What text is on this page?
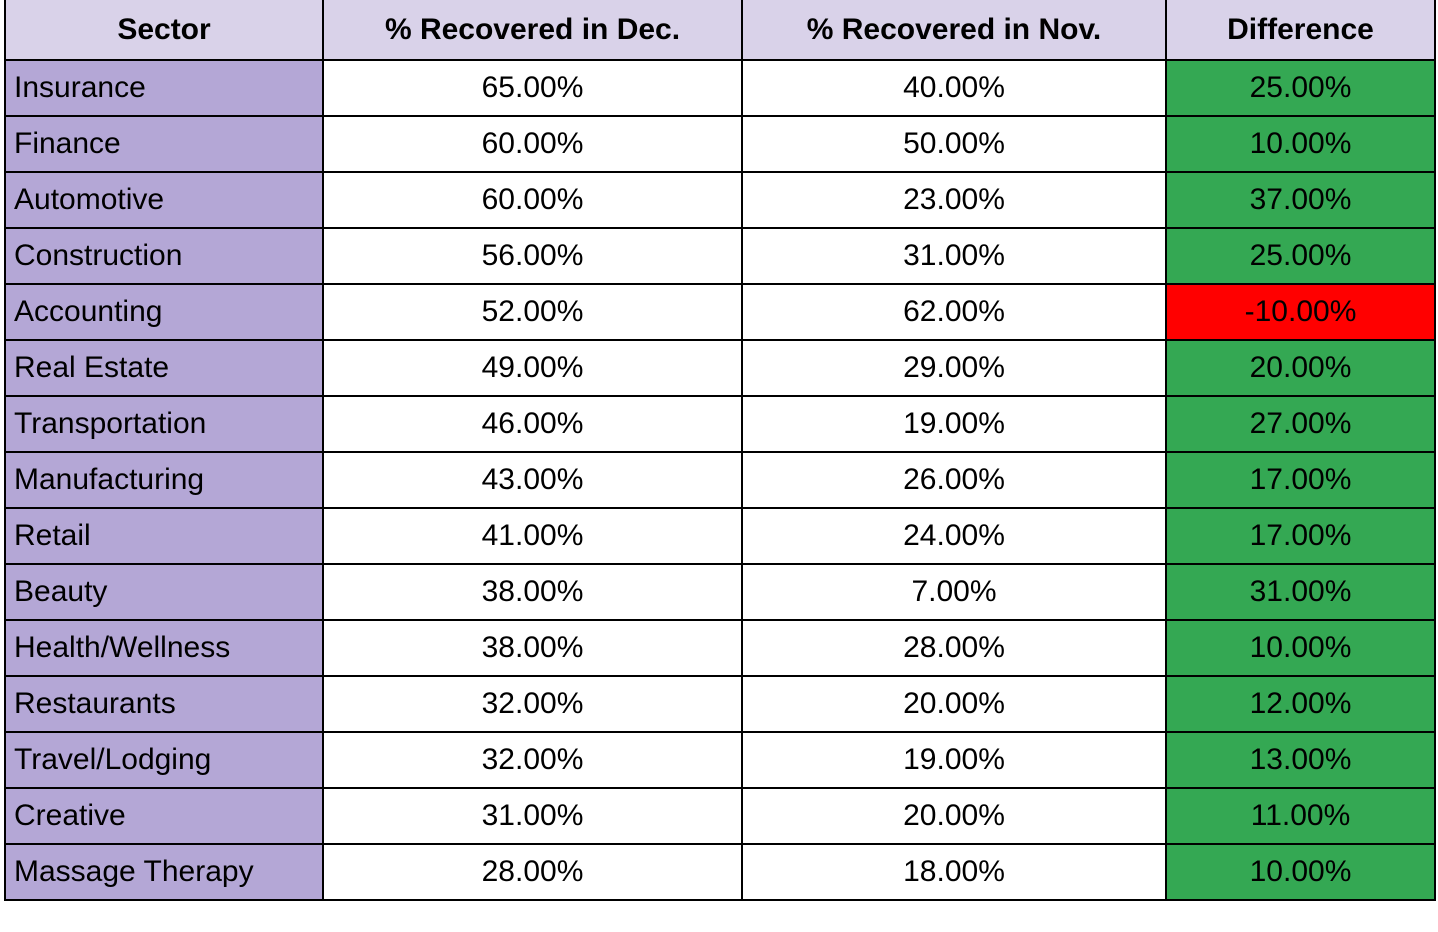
Sector	% Recovered in Dec.	% Recovered in Nov.	Difference
Insurance	65.00%	40.00%	25.00%
Finance	60.00%	50.00%	10.00%
Automotive	60.00%	23.00%	37.00%
Construction	56.00%	31.00%	25.00%
Accounting	52.00%	62.00%	-10.00%
Real Estate	49.00%	29.00%	20.00%
Transportation	46.00%	19.00%	27.00%
Manufacturing	43.00%	26.00%	17.00%
Retail	41.00%	24.00%	17.00%
Beauty	38.00%	7.00%	31.00%
Health/Wellness	38.00%	28.00%	10.00%
Restaurants	32.00%	20.00%	12.00%
Travel/Lodging	32.00%	19.00%	13.00%
Creative	31.00%	20.00%	11.00%
Massage Therapy	28.00%	18.00%	10.00%
